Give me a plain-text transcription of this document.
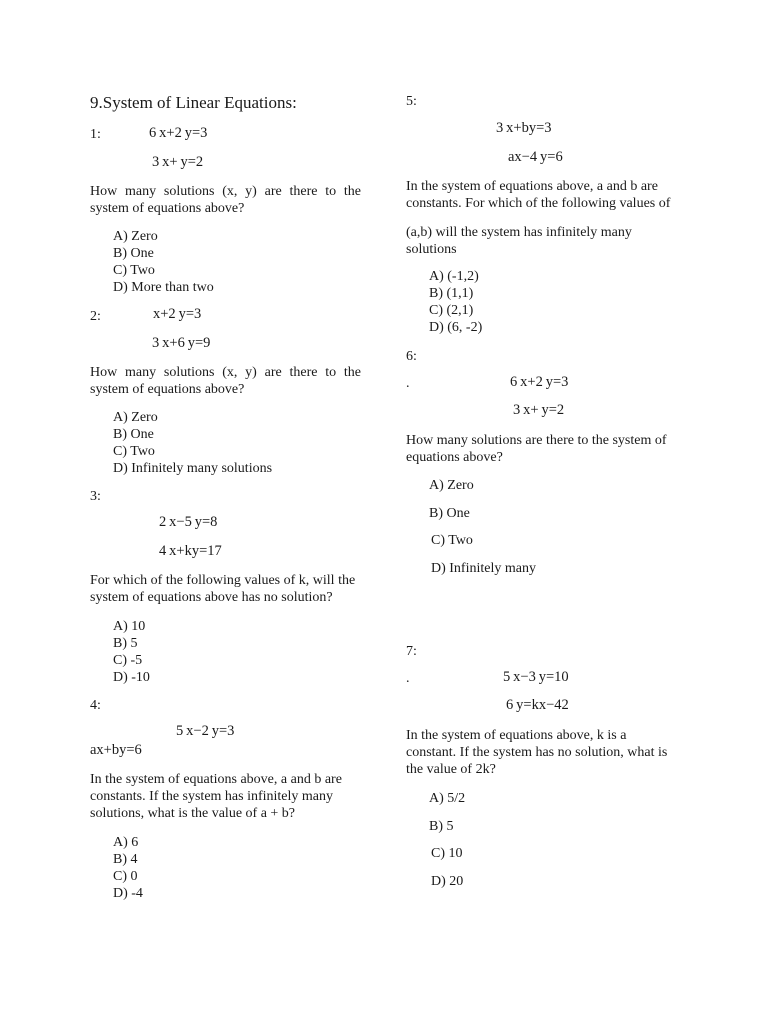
9.System of Linear Equations:
1:	6 x+2 y=3
3 x+ y=2
How many solutions (x, y) are there to the system of equations above?
A) Zero
B) One
C) Two
D) More than two
2:	x+2 y=3
3 x+6 y=9
How many solutions (x, y) are there to the system of equations above?
A) Zero
B) One
C) Two
D) Infinitely many solutions
3:
2 x−5 y=8
4 x+ky=17
For which of the following values of k, will the system of equations above has no solution?
A) 10
B) 5
C) -5
D) -10
4:
5 x−2 y=3
ax+by=6
In the system of equations above, a and b are constants. If the system has infinitely many solutions, what is the value of a + b?
A) 6
B) 4
C) 0
D) -4
5:
3 x+by=3
ax−4 y=6
In the system of equations above, a and b are constants. For which of the following values of
(a,b) will the system has infinitely many solutions
A) (-1,2)
B) (1,1)
C) (2,1)
D) (6, -2)
6:
.	6 x+2 y=3
3 x+ y=2
How many solutions are there to the system of equations above?
A) Zero
B) One
C) Two
D) Infinitely many
7:
.	5 x−3 y=10
6 y=kx−42
In the system of equations above, k is a constant. If the system has no solution, what is the value of 2k?
A) 5/2
B) 5
C) 10
D) 20
